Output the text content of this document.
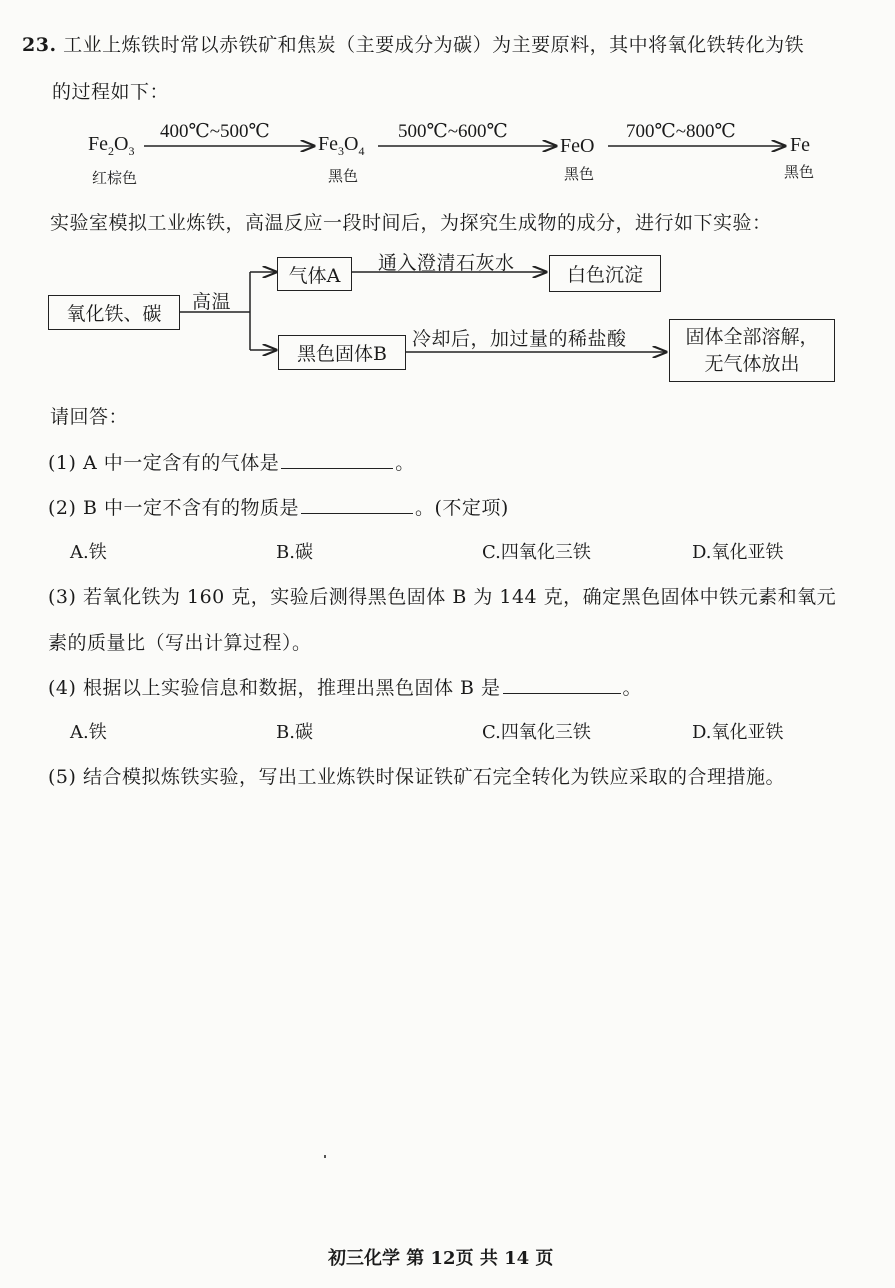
23. 工业上炼铁时常以赤铁矿和焦炭（主要成分为碳）为主要原料，其中将氧化铁转化为铁
的过程如下：
$Fe_2O_3$
红棕色
400℃~500℃
$Fe_3O_4$
黑色
500℃~600℃
FeO
黑色
700℃~800℃
Fe
黑色
实验室模拟工业炼铁，高温反应一段时间后，为探究生成物的成分，进行如下实验：
氧化铁、碳
高温
气体A
通入澄清石灰水
白色沉淀
黑色固体B
冷却后，加过量的稀盐酸	固体全部溶解，
无气体放出
请回答：
(1) A 中一定含有的气体是	。
(2) B 中一定不含有的物质是	。(不定项)
A.铁	B.碳	C.四氧化三铁	D.氧化亚铁
(3) 若氧化铁为 160 克，实验后测得黑色固体 B 为 144 克，确定黑色固体中铁元素和氧元
素的质量比（写出计算过程）。
(4) 根据以上实验信息和数据，推理出黑色固体 B 是	。
A.铁	B.碳	C.四氧化三铁	D.氧化亚铁
(5) 结合模拟炼铁实验，写出工业炼铁时保证铁矿石完全转化为铁应采取的合理措施。
初三化学 第 12页 共 14 页
